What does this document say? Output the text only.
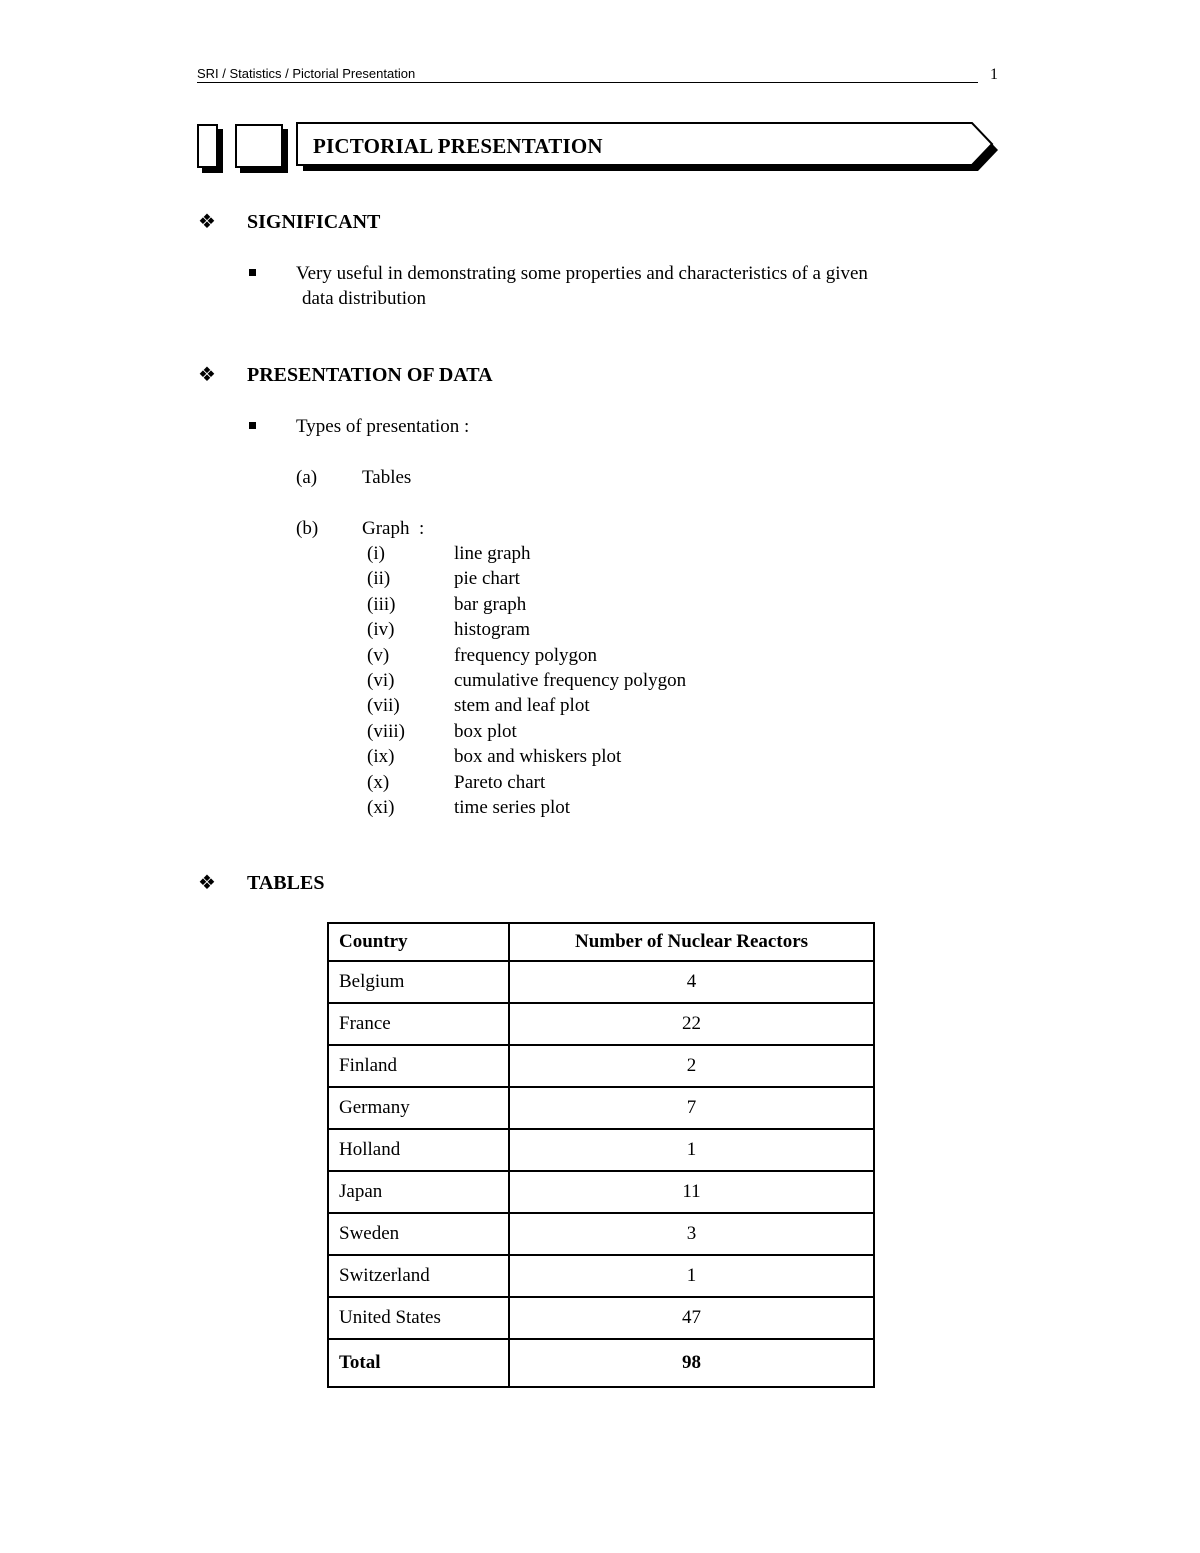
SRI / Statistics / Pictorial Presentation	1
PICTORIAL PRESENTATION
❖ SIGNIFICANT
Very useful in demonstrating some properties and characteristics of a given
data distribution
❖ PRESENTATION OF DATA
Types of presentation :
(a) Tables
(b) Graph  :
(i)	line graph
(ii)	pie chart
(iii)	bar graph
(iv)	histogram
(v)	frequency polygon
(vi)	cumulative frequency polygon
(vii)	stem and leaf plot
(viii)	box plot
(ix)	box and whiskers plot
(x)	Pareto chart
(xi)	time series plot
❖ TABLES
Country	Number of Nuclear Reactors
Belgium	4
France	22
Finland	2
Germany	7
Holland	1
Japan	11
Sweden	3
Switzerland	1
United States	47
Total	98
